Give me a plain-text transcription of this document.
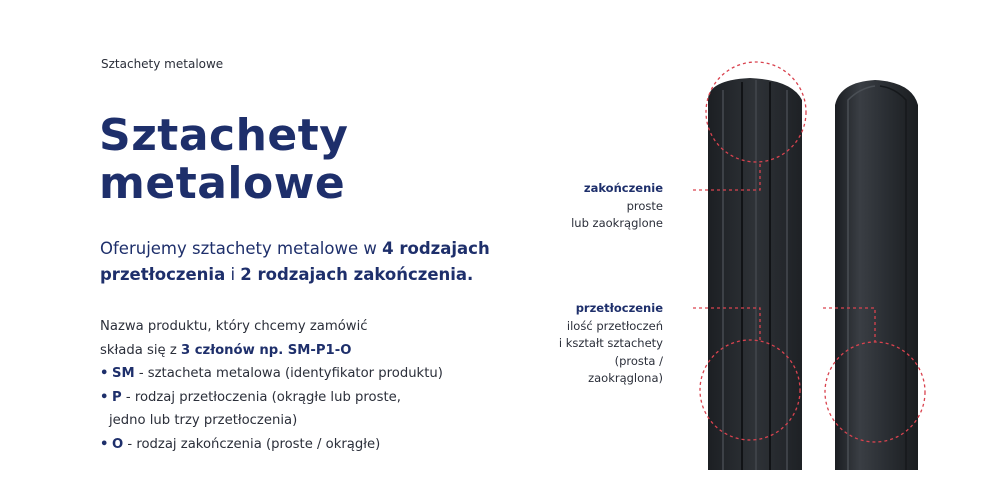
Sztachety metalowe
Sztachety
metalowe
Oferujemy sztachety metalowe w 4 rodzajach przetłoczenia i 2 rodzajach zakończenia.
Nazwa produktu, który chcemy zamówić
składa się z 3 członów np. SM-P1-O
• SM - sztacheta metalowa (identyfikator produktu)
• P - rodzaj przetłoczenia (okrągłe lub proste,
jedno lub trzy przetłoczenia)
• O - rodzaj zakończenia (proste / okrągłe)
zakończenie
proste
lub zaokrąglone
przetłoczenie
ilość przetłoczeń
i kształt sztachety
(prosta /
zaokrąglona)
